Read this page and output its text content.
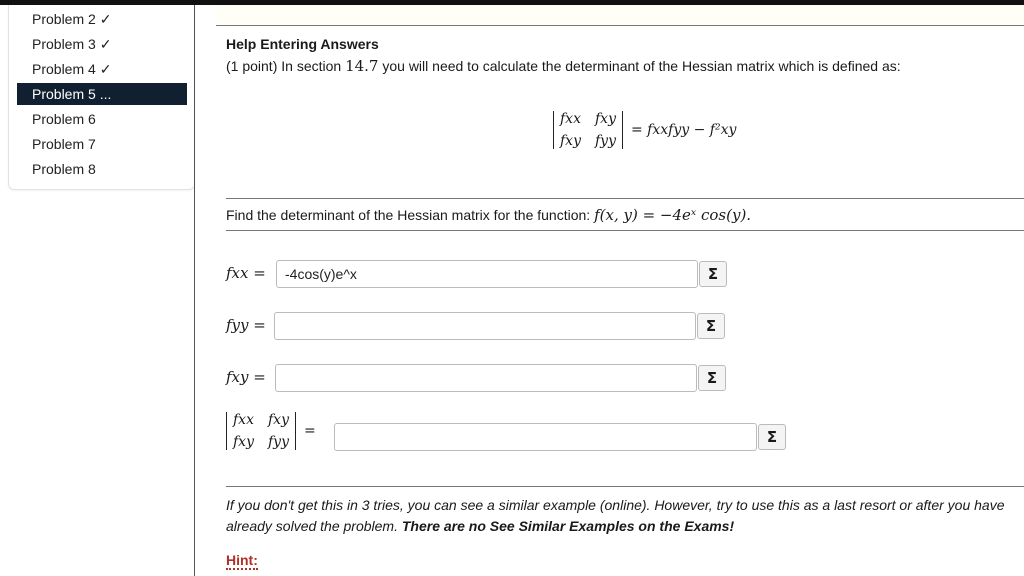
Problem 2 ✓
Problem 3 ✓
Problem 4 ✓
Problem 5 ...
Problem 6
Problem 7
Problem 8
Help Entering Answers
(1 point) In section 14.7 you will need to calculate the determinant of the Hessian matrix which is defined as:
fxx fxy
fxy fyy
= fxxfyy − f²xy
Find the determinant of the Hessian matrix for the function: f(x, y) = −4eˣ cos(y).
fxx =
-4cos(y)e^x	Σ
fyy =	Σ
fxy =	Σ
fxx fxy
fxy fyy
=	Σ
If you don't get this in 3 tries, you can see a similar example (online). However, try to use this as a last resort or after you have already solved the problem. There are no See Similar Examples on the Exams!
Hint:
